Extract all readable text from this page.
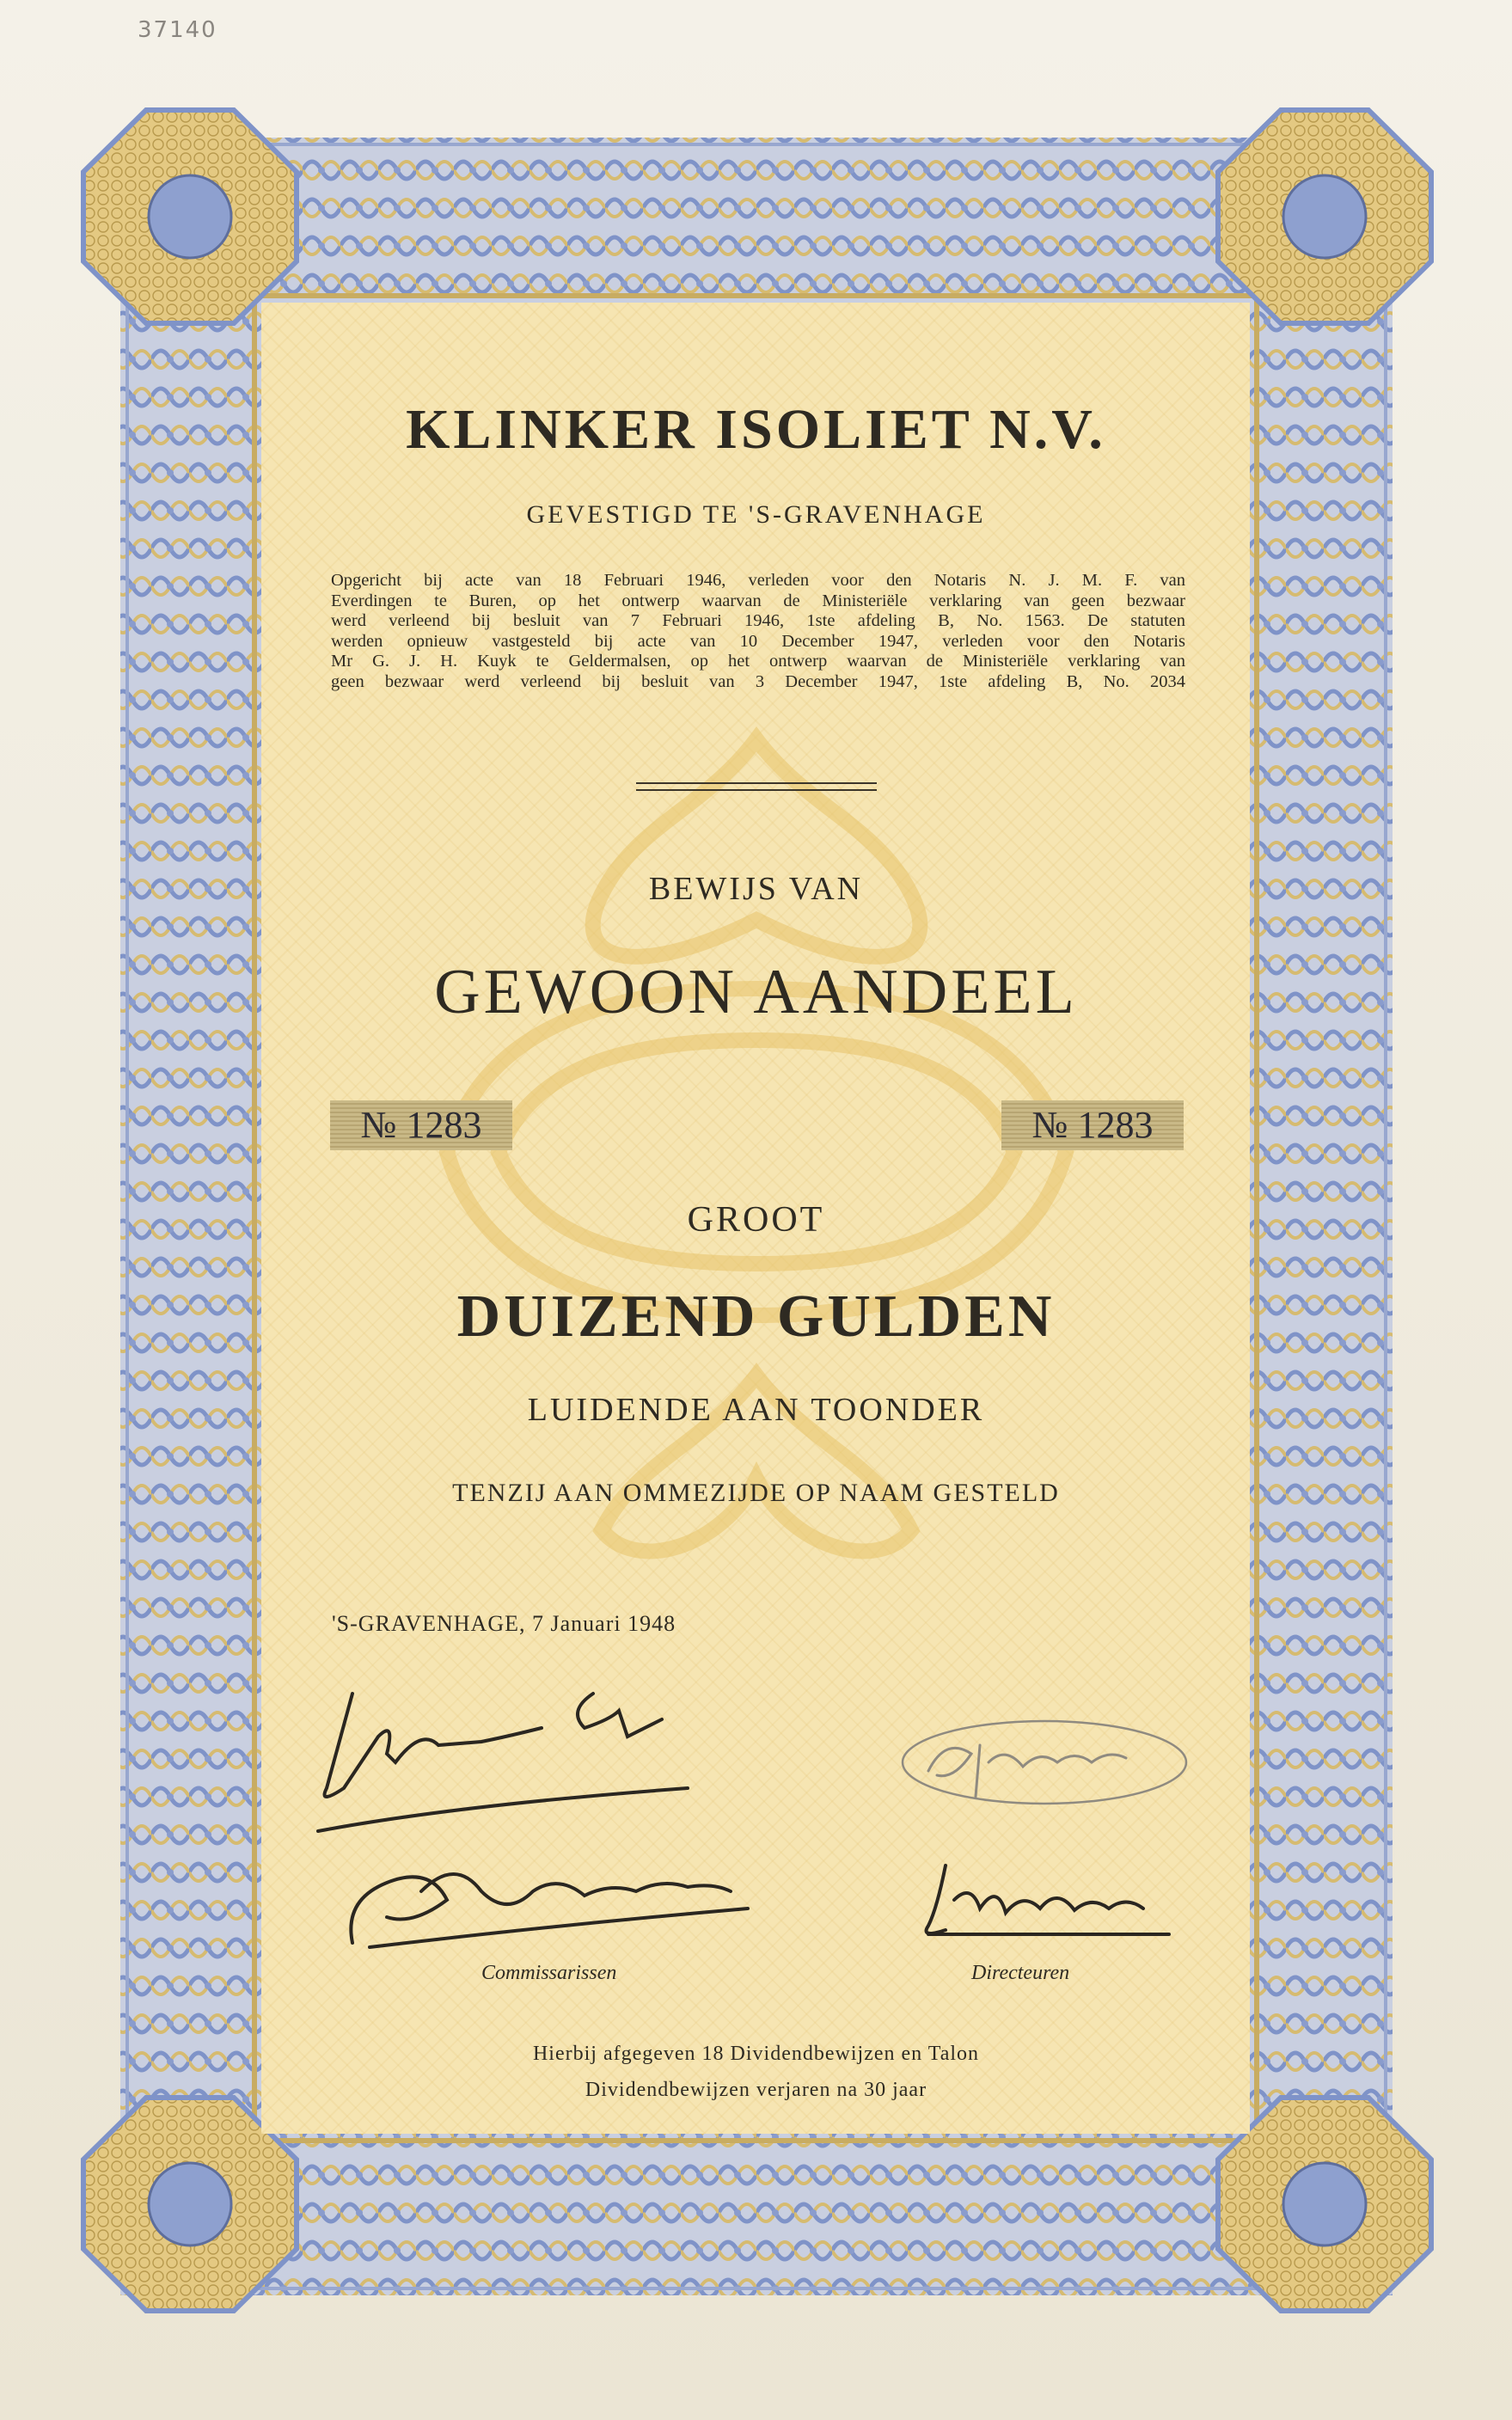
37140
KLINKER ISOLIET N.V.
GEVESTIGD TE 'S-GRAVENHAGE
Opgericht bij acte van 18 Februari 1946, verleden voor den Notaris N. J. M. F. van
Everdingen te Buren, op het ontwerp waarvan de Ministeriële verklaring van geen bezwaar
werd verleend bij besluit van 7 Februari 1946, 1ste afdeling B, No. 1563. De statuten
werden opnieuw vastgesteld bij acte van 10 December 1947, verleden voor den Notaris
Mr G. J. H. Kuyk te Geldermalsen, op het ontwerp waarvan de Ministeriële verklaring van
geen bezwaar werd verleend bij besluit van 3 December 1947, 1ste afdeling B, No. 2034
BEWIJS VAN
GEWOON AANDEEL
№ 1283	№ 1283
GROOT
DUIZEND GULDEN
LUIDENDE AAN TOONDER
TENZIJ AAN OMMEZIJDE OP NAAM GESTELD
'S-GRAVENHAGE, 7 Januari 1948
Commissarissen	Directeuren
Hierbij afgegeven 18 Dividendbewijzen en Talon
Dividendbewijzen verjaren na 30 jaar
